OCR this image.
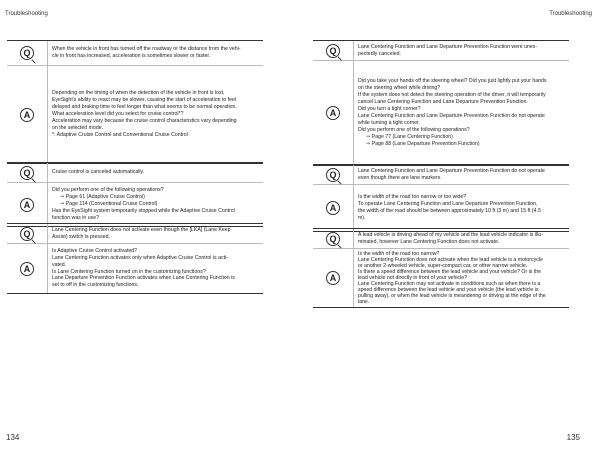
Troubleshooting	Troubleshooting
Q	When the vehicle in front has turned off the roadway or the distance from the vehi-
cle in front has increased, acceleration is sometimes slower or faster.
A
Depending on the timing of when the detection of the vehicle in front is lost,
EyeSight's ability to react may be slower, causing the start of acceleration to feel
delayed and braking time to feel longer than what seems to be normal operation.
What acceleration level did you select for cruise control*?
Acceleration may vary because the cruise control characteristics vary depending
on the selected mode.
*: Adaptive Cruise Control and Conventional Cruise Control
Q	Cruise control is canceled automatically.
A
Did you perform one of the following operations?
⇒ Page 61 (Adaptive Cruise Control)
⇒ Page 114 (Conventional Cruise Control)
Has the EyeSight system temporarily stopped while the Adaptive Cruise Control
function was in use?
Q	Lane Centering Function does not activate even though the [LKA] (Lane Keep
Assist) switch is pressed.
A
Is Adaptive Cruise Control activated?
Lane Centering Function activates only when Adaptive Cruise Control is acti-
vated.
Is Lane Centering Function turned on in the customizing functions?
Lane Departure Prevention Function activates when Lane Centering Function is
set to off in the customizing functions.
Q	Lane Centering Function and Lane Departure Prevention Function were unex-
pectedly canceled.
A
Did you take your hands off the steering wheel? Did you just lightly put your hands
on the steering wheel while driving?
If the system does not detect the steering operation of the driver, it will temporarily
cancel Lane Centering Function and Lane Departure Prevention Function.
Did you turn a tight corner?
Lane Centering Function and Lane Departure Prevention Function do not operate
while turning a tight corner.
Did you perform one of the following operations?
⇒ Page 77 (Lane Centering Function)
⇒ Page 88 (Lane Departure Prevention Function)
Q	Lane Centering Function and Lane Departure Prevention Function do not operate
even though there are lane markers.
A
Is the width of the road too narrow or too wide?
To operate Lane Centering Function and Lane Departure Prevention Function,
the width of the road should be between approximately 10 ft (3 m) and 15 ft (4.5
m).
Q	A lead vehicle is driving ahead of my vehicle and the lead vehicle indicator is illu-
minated, however Lane Centering Function does not activate.
A
Is the width of the road too narrow?
Lane Centering Function does not activate when the lead vehicle is a motorcycle
or another 2-wheeled vehicle, super-compact car, or other narrow vehicle.
Is there a speed difference between the lead vehicle and your vehicle? Or is the
lead vehicle not directly in front of your vehicle?
Lane Centering Function may not activate in conditions such as when there is a
speed difference between the lead vehicle and your vehicle (the lead vehicle is
pulling away), or when the lead vehicle is meandering or driving at the edge of the
lane.
134	135
